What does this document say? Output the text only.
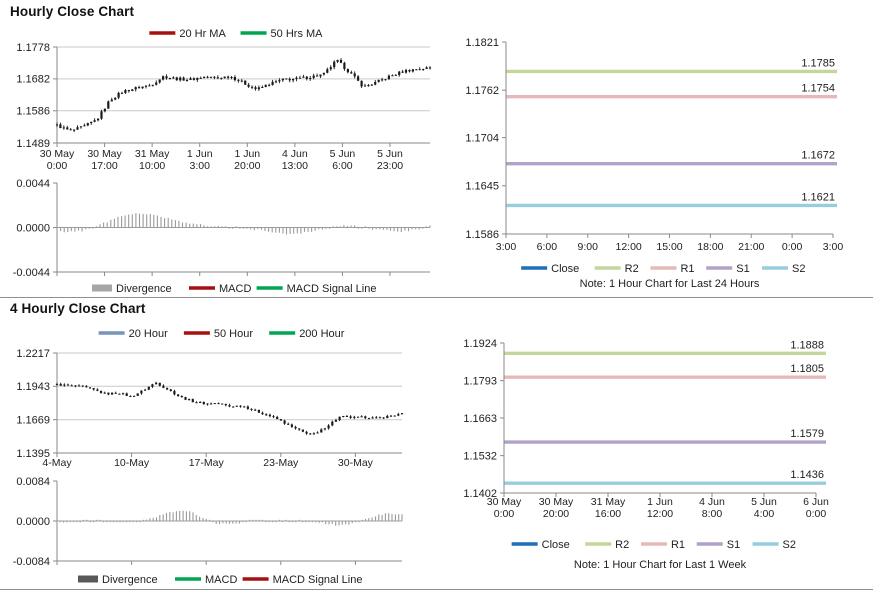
Hourly Close Chart
4 Hourly Close Chart
1.1778
1.1682
1.1586
1.1489
30 May
0:00
30 May
17:00
31 May
10:00
1 Jun
3:00
1 Jun
20:00
4 Jun
13:00
5 Jun
6:00
5 Jun
23:00
20 Hr MA	50 Hrs MA
0.0044
0.0000
-0.0044
Divergence	MACD	MACD Signal Line
1.1785
1.1754
1.1672
1.1621
1.1821
1.1762
1.1704
1.1645
1.1586
3:00 6:00 9:00 12:00 15:00 18:00 21:00 0:00 3:00
Close	R2	R1	S1	S2
Note: 1 Hour Chart for Last 24 Hours
1.2217
1.1943
1.1669
1.1395
4-May	10-May	17-May	23-May	30-May
20 Hour	50 Hour	200 Hour
0.0084
0.0000
-0.0084
Divergence	MACD	MACD Signal Line
1.1888
1.1805
1.1579
1.1436
1.1924
1.1793
1.1663
1.1532
1.1402
30 May
0:00
30 May
20:00
31 May
16:00
1 Jun
12:00
4 Jun
8:00
5 Jun
4:00
6 Jun
0:00
Close	R2	R1	S1	S2
Note: 1 Hour Chart for Last 1 Week
